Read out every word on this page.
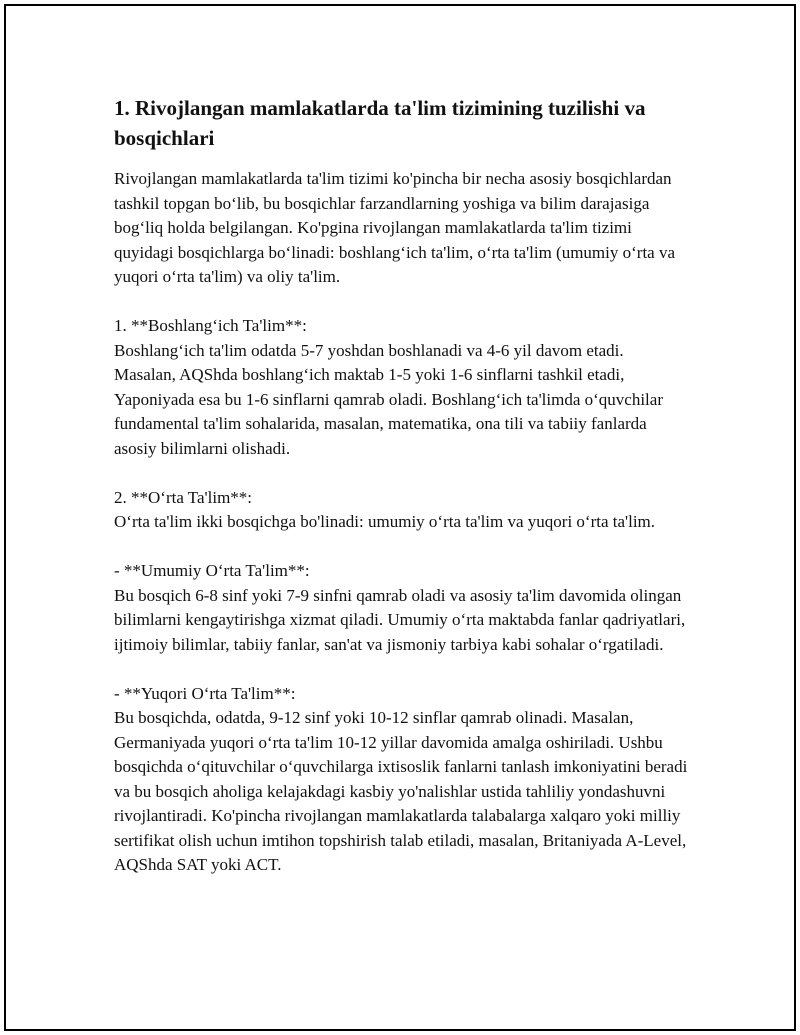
1. Rivojlangan mamlakatlarda ta'lim tizimining tuzilishi va bosqichlari

Rivojlangan mamlakatlarda ta'lim tizimi ko'pincha bir necha asosiy bosqichlardan tashkil topgan bo‘lib, bu bosqichlar farzandlarning yoshiga va bilim darajasiga bog‘liq holda belgilangan. Ko'pgina rivojlangan mamlakatlarda ta'lim tizimi quyidagi bosqichlarga bo‘linadi: boshlang‘ich ta'lim, o‘rta ta'lim (umumiy o‘rta va yuqori o‘rta ta'lim) va oliy ta'lim.

1. **Boshlang‘ich Ta'lim**:

Boshlang‘ich ta'lim odatda 5-7 yoshdan boshlanadi va 4-6 yil davom etadi. Masalan, AQShda boshlang‘ich maktab 1-5 yoki 1-6 sinflarni tashkil etadi, Yaponiyada esa bu 1-6 sinflarni qamrab oladi. Boshlang‘ich ta'limda o‘quvchilar fundamental ta'lim sohalarida, masalan, matematika, ona tili va tabiiy fanlarda asosiy bilimlarni olishadi.

2. **O‘rta Ta'lim**:

O‘rta ta'lim ikki bosqichga bo'linadi: umumiy o‘rta ta'lim va yuqori o‘rta ta'lim.

- **Umumiy O‘rta Ta'lim**:

Bu bosqich 6-8 sinf yoki 7-9 sinfni qamrab oladi va asosiy ta'lim davomida olingan bilimlarni kengaytirishga xizmat qiladi. Umumiy o‘rta maktabda fanlar qadriyatlari, ijtimoiy bilimlar, tabiiy fanlar, san'at va jismoniy tarbiya kabi sohalar o‘rgatiladi.

- **Yuqori O‘rta Ta'lim**:

Bu bosqichda, odatda, 9-12 sinf yoki 10-12 sinflar qamrab olinadi. Masalan, Germaniyada yuqori o‘rta ta'lim 10-12 yillar davomida amalga oshiriladi. Ushbu bosqichda o‘qituvchilar o‘quvchilarga ixtisoslik fanlarni tanlash imkoniyatini beradi va bu bosqich aholiga kelajakdagi kasbiy yo'nalishlar ustida tahliliy yondashuvni rivojlantiradi. Ko'pincha rivojlangan mamlakatlarda talabalarga xalqaro yoki milliy sertifikat olish uchun imtihon topshirish talab etiladi, masalan, Britaniyada A-Level, AQShda SAT yoki ACT.
